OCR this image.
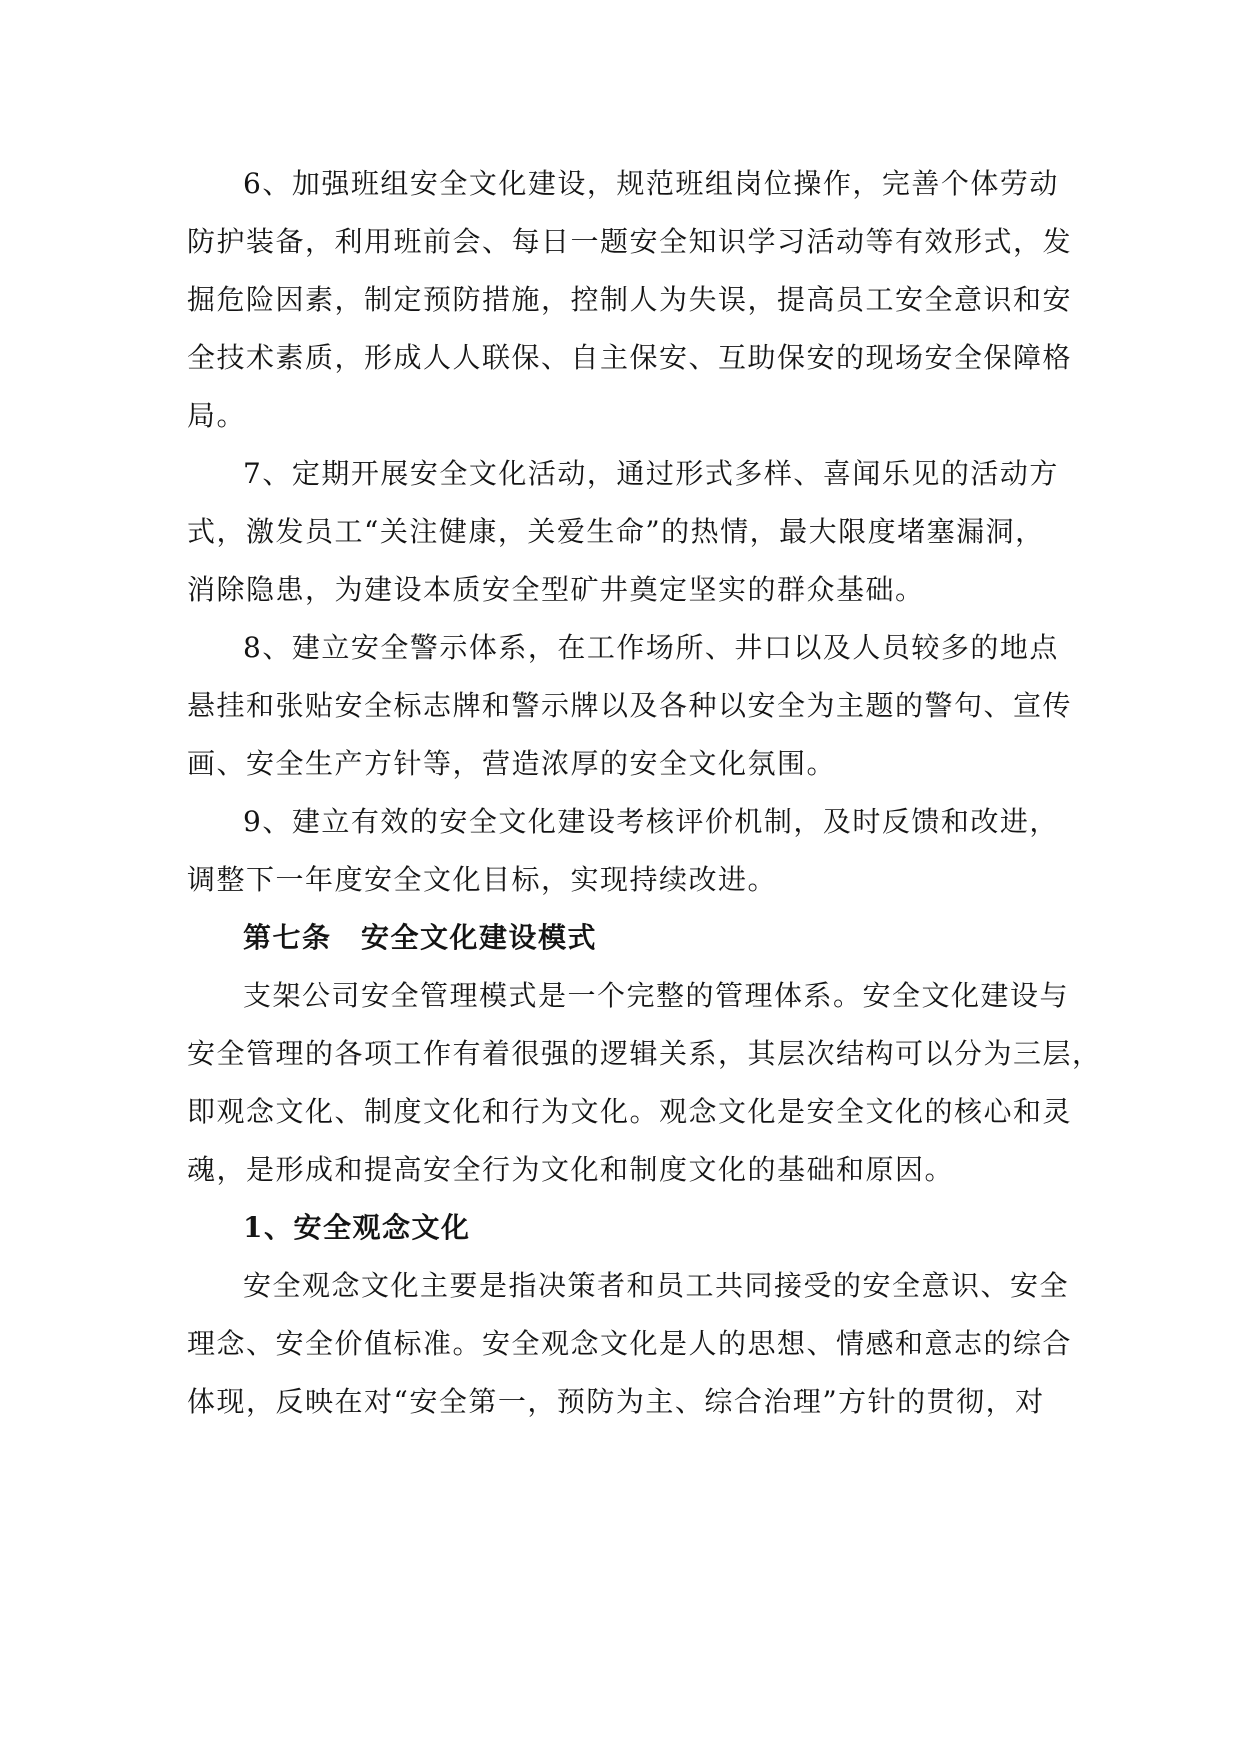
6、加强班组安全文化建设，规范班组岗位操作，完善个体劳动
防护装备，利用班前会、每日一题安全知识学习活动等有效形式，发
掘危险因素，制定预防措施，控制人为失误，提高员工安全意识和安
全技术素质，形成人人联保、自主保安、互助保安的现场安全保障格
局。
7、定期开展安全文化活动，通过形式多样、喜闻乐见的活动方
式，激发员工“关注健康，关爱生命”的热情，最大限度堵塞漏洞，
消除隐患，为建设本质安全型矿井奠定坚实的群众基础。
8、建立安全警示体系，在工作场所、井口以及人员较多的地点
悬挂和张贴安全标志牌和警示牌以及各种以安全为主题的警句、宣传
画、安全生产方针等，营造浓厚的安全文化氛围。
9、建立有效的安全文化建设考核评价机制，及时反馈和改进，
调整下一年度安全文化目标，实现持续改进。
第七条　安全文化建设模式
支架公司安全管理模式是一个完整的管理体系。安全文化建设与
安全管理的各项工作有着很强的逻辑关系，其层次结构可以分为三层，
即观念文化、制度文化和行为文化。观念文化是安全文化的核心和灵
魂，是形成和提高安全行为文化和制度文化的基础和原因。
1、安全观念文化
安全观念文化主要是指决策者和员工共同接受的安全意识、安全
理念、安全价值标准。安全观念文化是人的思想、情感和意志的综合
体现，反映在对“安全第一，预防为主、综合治理”方针的贯彻，对
